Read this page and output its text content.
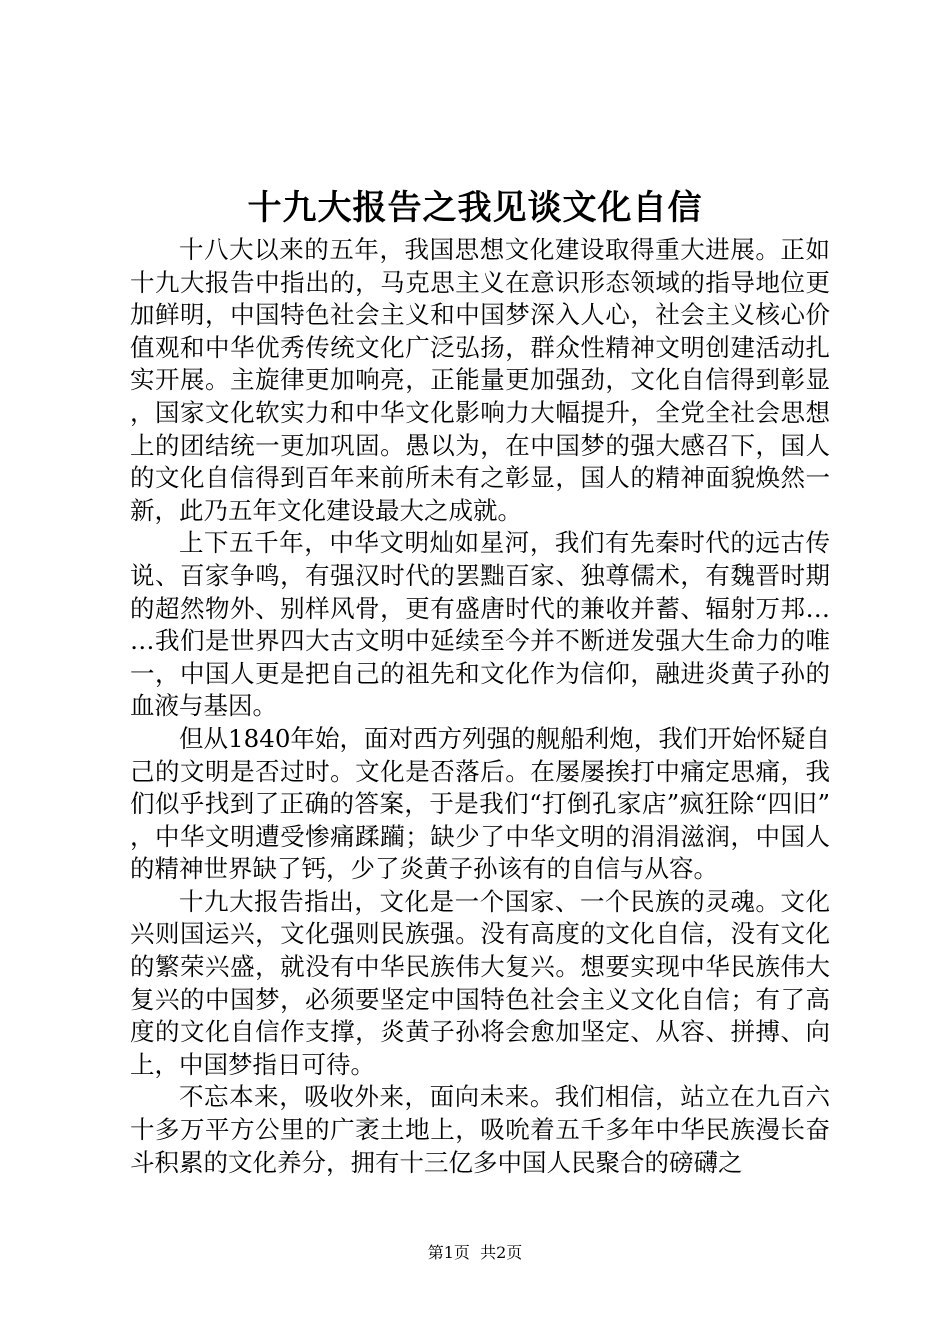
十九大报告之我见谈文化自信

十八大以来的五年，我国思想文化建设取得重大进展。正如十九大报告中指出的，马克思主义在意识形态领域的指导地位更加鲜明，中国特色社会主义和中国梦深入人心，社会主义核心价值观和中华优秀传统文化广泛弘扬，群众性精神文明创建活动扎实开展。主旋律更加响亮，正能量更加强劲，文化自信得到彰显，国家文化软实力和中华文化影响力大幅提升，全党全社会思想上的团结统一更加巩固。愚以为，在中国梦的强大感召下，国人的文化自信得到百年来前所未有之彰显，国人的精神面貌焕然一新，此乃五年文化建设最大之成就。

上下五千年，中华文明灿如星河，我们有先秦时代的远古传说、百家争鸣，有强汉时代的罢黜百家、独尊儒术，有魏晋时期的超然物外、别样风骨，更有盛唐时代的兼收并蓄、辐射万邦……我们是世界四大古文明中延续至今并不断迸发强大生命力的唯一，中国人更是把自己的祖先和文化作为信仰，融进炎黄子孙的血液与基因。

但从1840年始，面对西方列强的舰船利炮，我们开始怀疑自己的文明是否过时。文化是否落后。在屡屡挨打中痛定思痛，我们似乎找到了正确的答案，于是我们“打倒孔家店”疯狂除“四旧”，中华文明遭受惨痛蹂躏；缺少了中华文明的涓涓滋润，中国人的精神世界缺了钙，少了炎黄子孙该有的自信与从容。

十九大报告指出，文化是一个国家、一个民族的灵魂。文化兴则国运兴，文化强则民族强。没有高度的文化自信，没有文化的繁荣兴盛，就没有中华民族伟大复兴。想要实现中华民族伟大复兴的中国梦，必须要坚定中国特色社会主义文化自信；有了高度的文化自信作支撑，炎黄子孙将会愈加坚定、从容、拼搏、向上，中国梦指日可待。

不忘本来，吸收外来，面向未来。我们相信，站立在九百六十多万平方公里的广袤土地上，吸吮着五千多年中华民族漫长奋斗积累的文化养分，拥有十三亿多中国人民聚合的磅礴之

第1页 共2页
